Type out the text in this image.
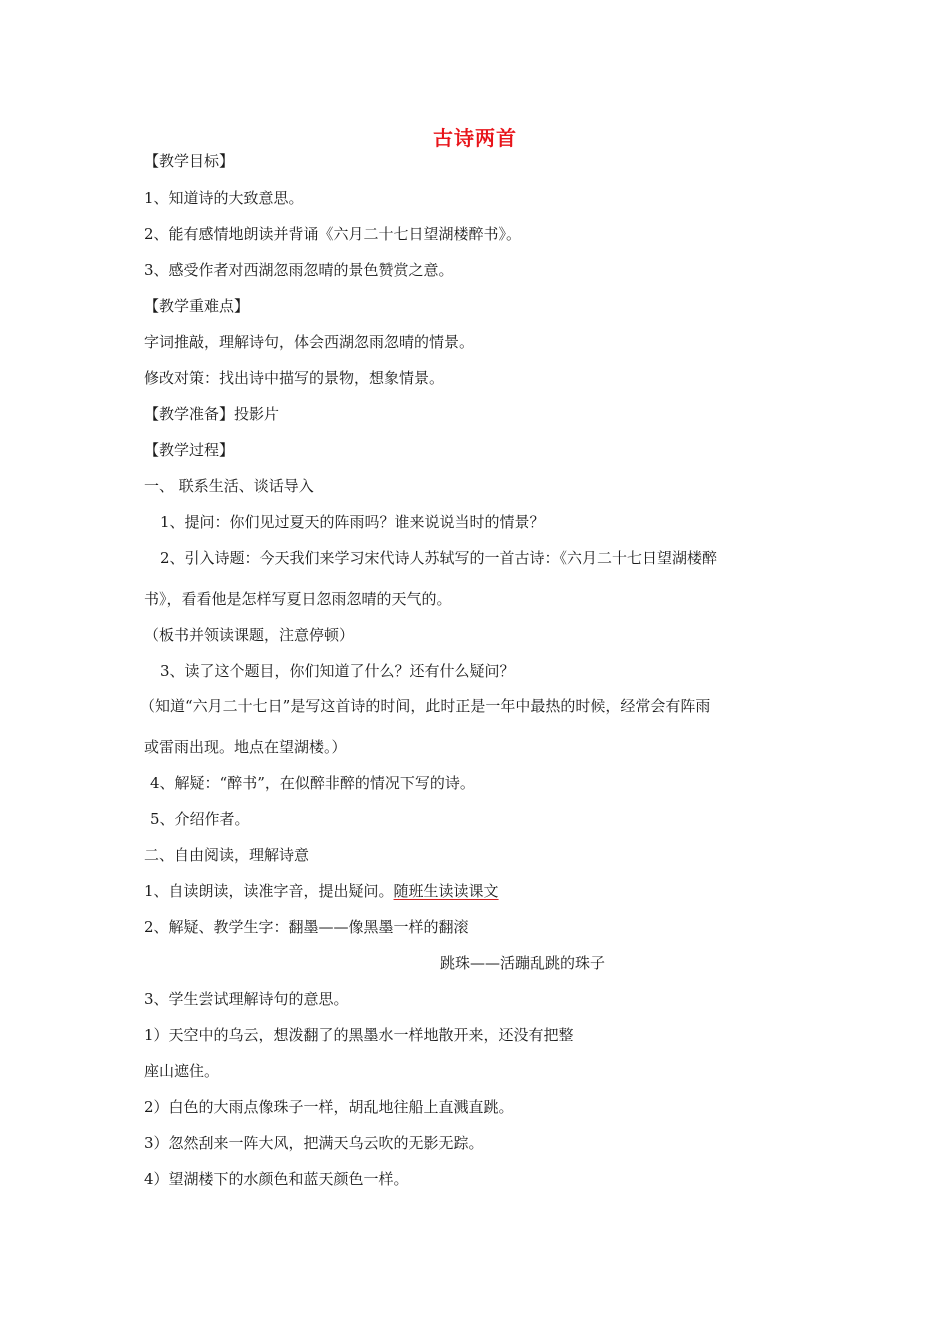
古诗两首
【教学目标】
1、知道诗的大致意思。
2、能有感情地朗读并背诵《六月二十七日望湖楼醉书》。
3、感受作者对西湖忽雨忽晴的景色赞赏之意。
【教学重难点】
字词推敲，理解诗句，体会西湖忽雨忽晴的情景。
修改对策：找出诗中描写的景物，想象情景。
【教学准备】投影片
【教学过程】
一、 联系生活、谈话导入
1、提问：你们见过夏天的阵雨吗？谁来说说当时的情景？
2、引入诗题：今天我们来学习宋代诗人苏轼写的一首古诗：《六月二十七日望湖楼醉
书》，看看他是怎样写夏日忽雨忽晴的天气的。
（板书并领读课题，注意停顿）
3、读了这个题目，你们知道了什么？还有什么疑问？
（知道“六月二十七日”是写这首诗的时间，此时正是一年中最热的时候，经常会有阵雨
或雷雨出现。地点在望湖楼。）
4、解疑：“醉书”，在似醉非醉的情况下写的诗。
5、介绍作者。
二、自由阅读，理解诗意
1、自读朗读，读准字音，提出疑问。随班生读读课文
2、解疑、教学生字：翻墨——像黑墨一样的翻滚
跳珠——活蹦乱跳的珠子
3、学生尝试理解诗句的意思。
1）天空中的乌云，想泼翻了的黑墨水一样地散开来，还没有把整
座山遮住。
2）白色的大雨点像珠子一样，胡乱地往船上直溅直跳。
3）忽然刮来一阵大风，把满天乌云吹的无影无踪。
4）望湖楼下的水颜色和蓝天颜色一样。
